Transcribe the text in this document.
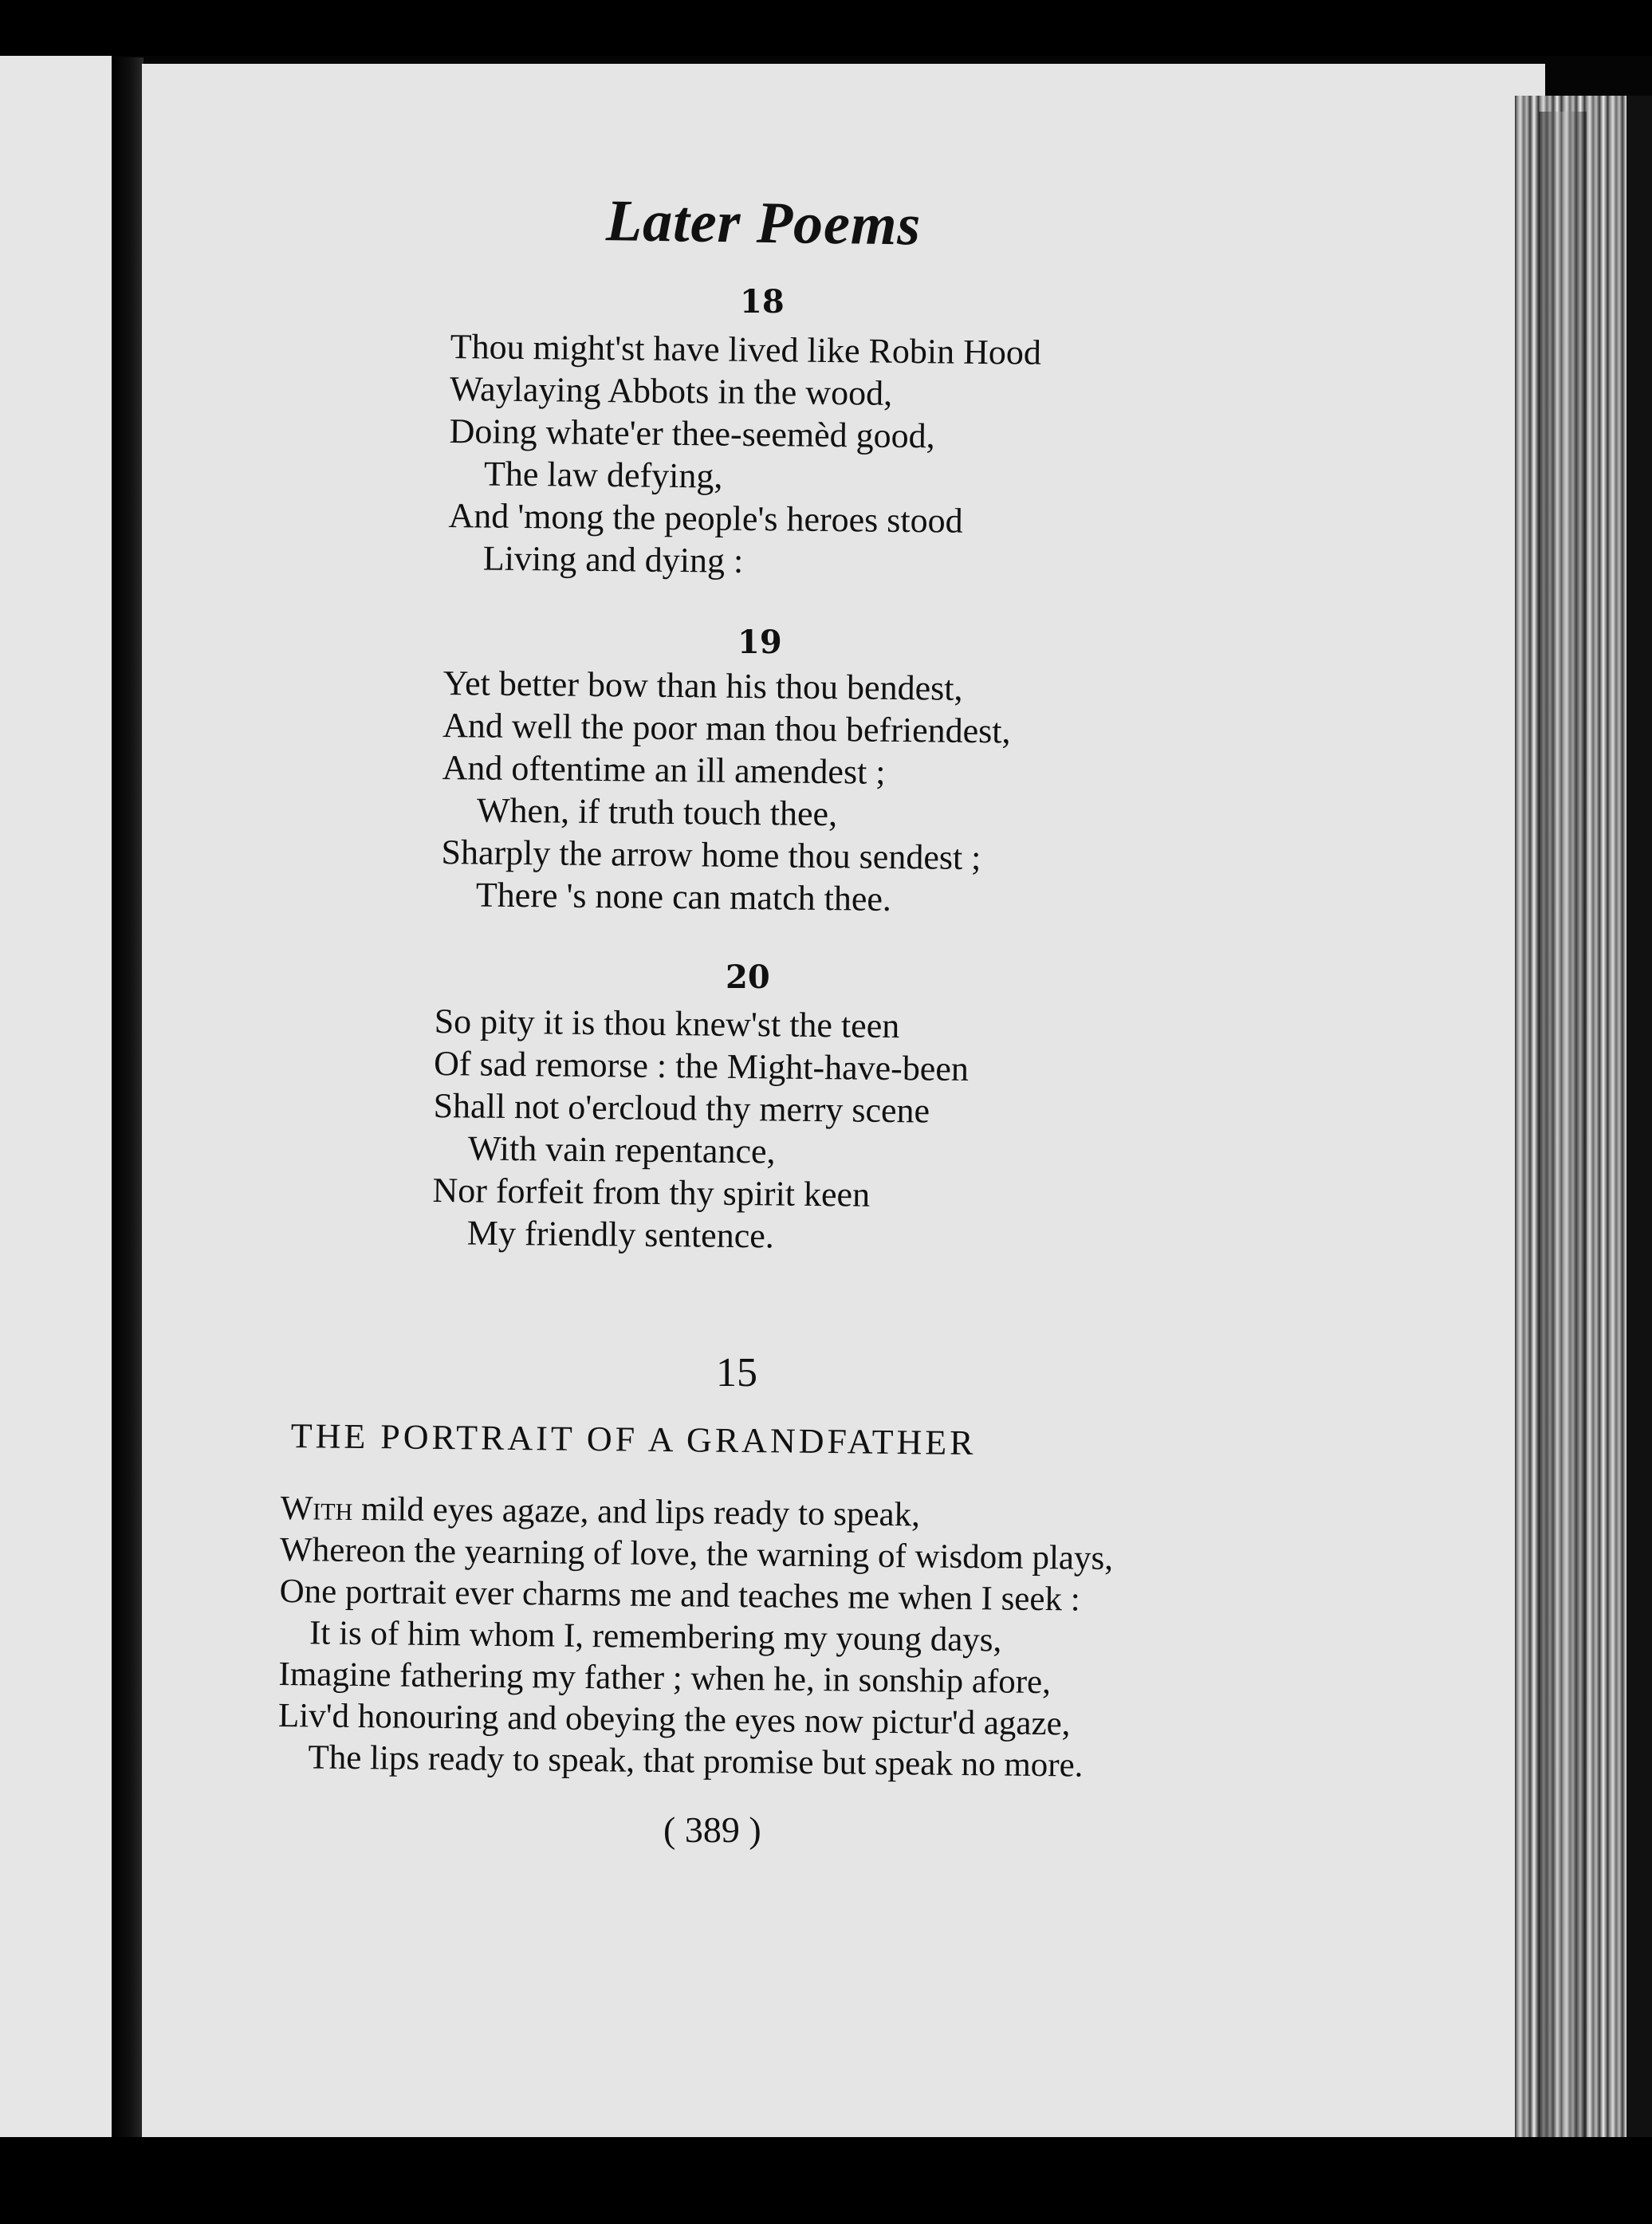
Later Poems
18
Thou might'st have lived like Robin Hood
Waylaying Abbots in the wood,
Doing whate'er thee-seemèd good,
The law defying,
And 'mong the people's heroes stood
Living and dying :
19
Yet better bow than his thou bendest,
And well the poor man thou befriendest,
And oftentime an ill amendest ;
When, if truth touch thee,
Sharply the arrow home thou sendest ;
There 's none can match thee.
20
So pity it is thou knew'st the teen
Of sad remorse : the Might-have-been
Shall not o'ercloud thy merry scene
With vain repentance,
Nor forfeit from thy spirit keen
My friendly sentence.
15
THE PORTRAIT OF A GRANDFATHER
With mild eyes agaze, and lips ready to speak,
Whereon the yearning of love, the warning of wisdom plays,
One portrait ever charms me and teaches me when I seek :
It is of him whom I, remembering my young days,
Imagine fathering my father ; when he, in sonship afore,
Liv'd honouring and obeying the eyes now pictur'd agaze,
The lips ready to speak, that promise but speak no more.
( 389 )
